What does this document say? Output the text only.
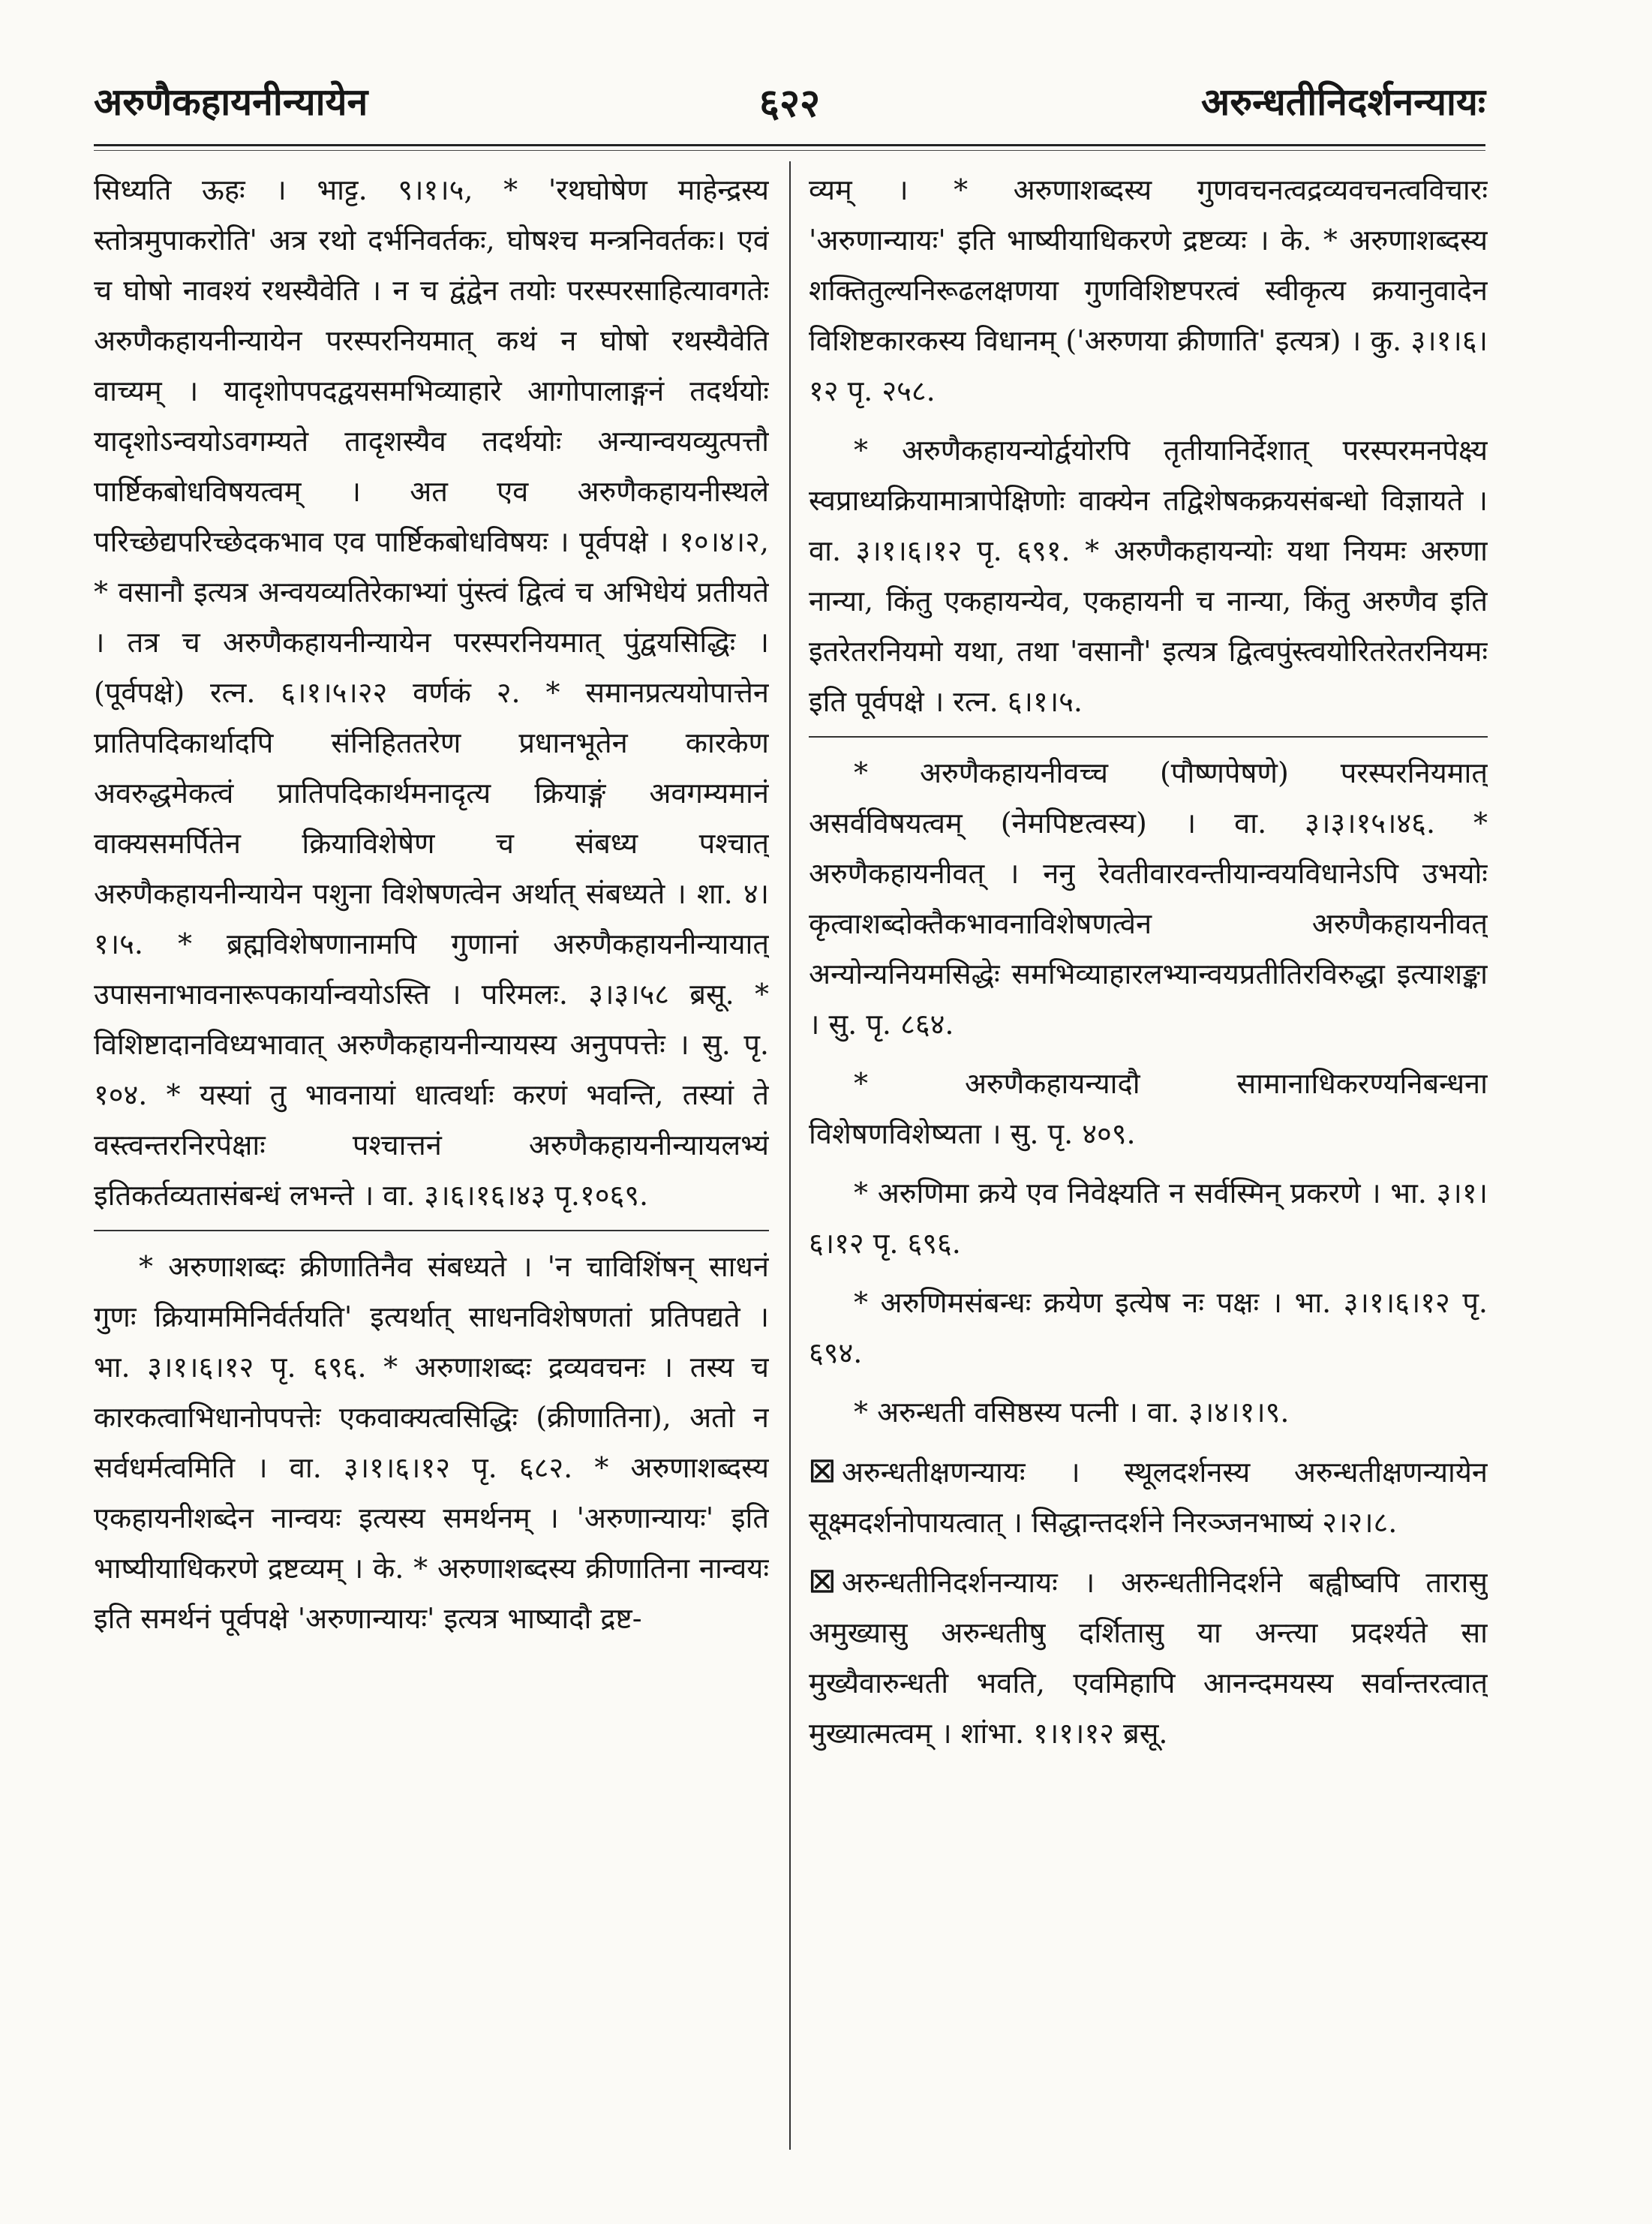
अरुणैकहायनीन्यायेन	६२२	अरुन्धतीनिदर्शनन्यायः

सिध्यति ऊहः । भाट्ट. ९।१।५, * 'रथघोषेण माहेन्द्रस्य स्तोत्रमुपाकरोति' अत्र रथो दर्भनिवर्तकः, घोषश्च मन्त्रनिवर्तकः। एवं च घोषो नावश्यं रथस्यैवेति । न च द्वंद्वेन तयोः परस्परसाहित्यावगतेः अरुणैकहायनीन्यायेन परस्परनियमात् कथं न घोषो रथस्यैवेति वाच्यम् । यादृशोपपदद्वयसमभिव्याहारे आगोपालाङ्गनं तदर्थयोः यादृशोऽन्वयोऽवगम्यते तादृशस्यैव तदर्थयोः अन्यान्वयव्युत्पत्तौ पार्ष्टिकबोधविषयत्वम् । अत एव अरुणैकहायनीस्थले परिच्छेद्यपरिच्छेदकभाव एव पार्ष्टिकबोधविषयः । पूर्वपक्षे । १०।४।२, * वसानौ इत्यत्र अन्वयव्यतिरेकाभ्यां पुंस्त्वं द्वित्वं च अभिधेयं प्रतीयते । तत्र च अरुणैकहायनीन्यायेन परस्परनियमात् पुंद्वयसिद्धिः । (पूर्वपक्षे) रत्न. ६।१।५।२२ वर्णकं २. * समानप्रत्ययोपात्तेन प्रातिपदिकार्थादपि संनिहिततरेण प्रधानभूतेन कारकेण अवरुद्धमेकत्वं प्रातिपदिकार्थमनादृत्य क्रियाङ्गं अवगम्यमानं वाक्यसमर्पितेन क्रियाविशेषेण च संबध्य पश्चात् अरुणैकहायनीन्यायेन पशुना विशेषणत्वेन अर्थात् संबध्यते । शा. ४।१।५. * ब्रह्मविशेषणानामपि गुणानां अरुणैकहायनीन्यायात् उपासनाभावनारूपकार्यान्वयोऽस्ति । परिमलः. ३।३।५८ ब्रसू. * विशिष्टादानविध्यभावात् अरुणैकहायनीन्यायस्य अनुपपत्तेः । सु. पृ. १०४. * यस्यां तु भावनायां धात्वर्थाः करणं भवन्ति, तस्यां ते वस्त्वन्तरनिरपेक्षाः पश्चात्तनं अरुणैकहायनीन्यायलभ्यं इतिकर्तव्यतासंबन्धं लभन्ते । वा. ३।६।१६।४३ पृ.१०६९.

* अरुणाशब्दः क्रीणातिनैव संबध्यते । 'न चाविशिंषन् साधनं गुणः क्रियाममिनिर्वर्तयति' इत्यर्थात् साधनविशेषणतां प्रतिपद्यते । भा. ३।१।६।१२ पृ. ६९६. * अरुणाशब्दः द्रव्यवचनः । तस्य च कारकत्वाभिधानोपपत्तेः एकवाक्यत्वसिद्धिः (क्रीणातिना), अतो न सर्वधर्मत्वमिति । वा. ३।१।६।१२ पृ. ६८२. * अरुणाशब्दस्य एकहायनीशब्देन नान्वयः इत्यस्य समर्थनम् । 'अरुणान्यायः' इति भाष्यीयाधिकरणे द्रष्टव्यम् । के. * अरुणाशब्दस्य क्रीणातिना नान्वयः इति समर्थनं पूर्वपक्षे 'अरुणान्यायः' इत्यत्र भाष्यादौ द्रष्ट-

व्यम् । * अरुणाशब्दस्य गुणवचनत्वद्रव्यवचनत्वविचारः 'अरुणान्यायः' इति भाष्यीयाधिकरणे द्रष्टव्यः । के. * अरुणाशब्दस्य शक्तितुल्यनिरूढलक्षणया गुणविशिष्टपरत्वं स्वीकृत्य क्रयानुवादेन विशिष्टकारकस्य विधानम् ('अरुणया क्रीणाति' इत्यत्र) । कु. ३।१।६।१२ पृ. २५८.

* अरुणैकहायन्योर्द्वयोरपि तृतीयानिर्देशात् परस्परमनपेक्ष्य स्वप्राध्यक्रियामात्रापेक्षिणोः वाक्येन तद्विशेषकक्रयसंबन्धो विज्ञायते । वा. ३।१।६।१२ पृ. ६९१. * अरुणैकहायन्योः यथा नियमः अरुणा नान्या, किंतु एकहायन्येव, एकहायनी च नान्या, किंतु अरुणैव इति इतरेतरनियमो यथा, तथा 'वसानौ' इत्यत्र द्वित्वपुंस्त्वयोरितरेतरनियमः इति पूर्वपक्षे । रत्न. ६।१।५.

* अरुणैकहायनीवच्च (पौष्णपेषणे) परस्परनियमात् असर्वविषयत्वम् (नेमपिष्टत्वस्य) । वा. ३।३।१५।४६. * अरुणैकहायनीवत् । ननु रेवतीवारवन्तीयान्वयविधानेऽपि उभयोः कृत्वाशब्दोक्तैकभावनाविशेषणत्वेन अरुणैकहायनीवत् अन्योन्यनियमसिद्धेः समभिव्याहारलभ्यान्वयप्रतीतिरविरुद्धा इत्याशङ्का । सु. पृ. ८६४.

* अरुणैकहायन्यादौ सामानाधिकरण्यनिबन्धना विशेषणविशेष्यता । सु. पृ. ४०९.

* अरुणिमा क्रये एव निवेक्ष्यति न सर्वस्मिन् प्रकरणे । भा. ३।१।६।१२ पृ. ६९६.

* अरुणिमसंबन्धः क्रयेण इत्येष नः पक्षः । भा. ३।१।६।१२ पृ. ६९४.

* अरुन्धती वसिष्ठस्य पत्नी । वा. ३।४।१।९.

☒ अरुन्धतीक्षणन्यायः । स्थूलदर्शनस्य अरुन्धतीक्षणन्यायेन सूक्ष्मदर्शनोपायत्वात् । सिद्धान्तदर्शने निरञ्जनभाष्यं २।२।८.

☒ अरुन्धतीनिदर्शनन्यायः । अरुन्धतीनिदर्शने बह्वीष्वपि तारासु अमुख्यासु अरुन्धतीषु दर्शितासु या अन्त्या प्रदर्श्यते सा मुख्यैवारुन्धती भवति, एवमिहापि आनन्दमयस्य सर्वान्तरत्वात् मुख्यात्मत्वम् । शांभा. १।१।१२ ब्रसू.
